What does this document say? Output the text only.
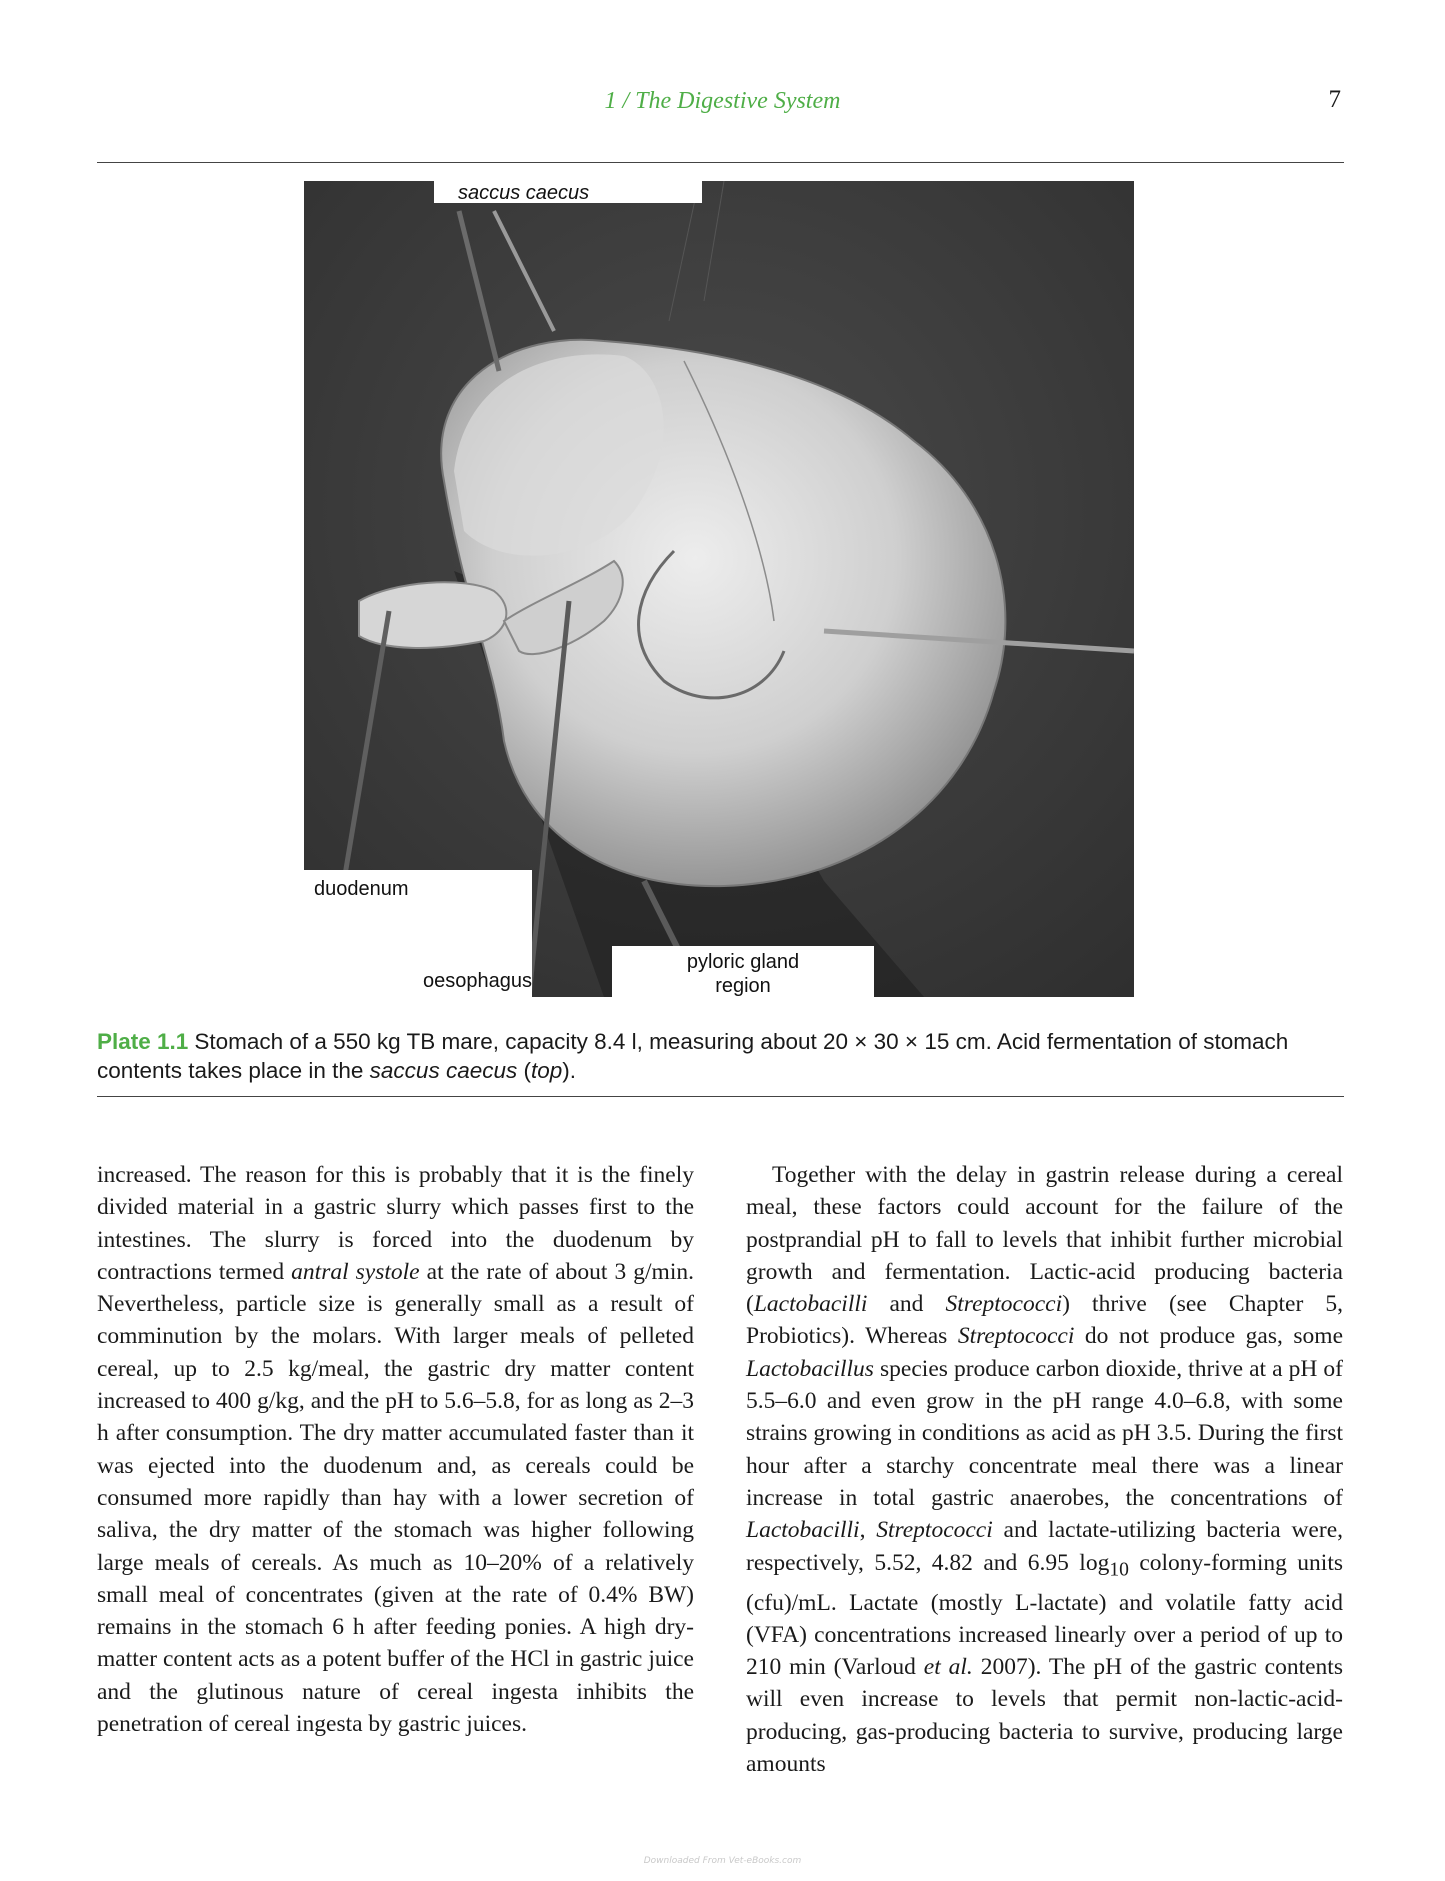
1 / The Digestive System	7
saccus caecus
duodenum
oesophagus
pyloric gland
region
Plate 1.1 Stomach of a 550 kg TB mare, capacity 8.4 l, measuring about 20 × 30 × 15 cm. Acid fermentation of stomach contents takes place in the saccus caecus (top).

increased. The reason for this is probably that it is the finely divided material in a gastric slurry which passes first to the intestines. The slurry is forced into the duodenum by contractions termed antral systole at the rate of about 3 g/min. Nevertheless, particle size is generally small as a result of comminution by the molars. With larger meals of pelleted cereal, up to 2.5 kg/meal, the gastric dry matter content increased to 400 g/kg, and the pH to 5.6–5.8, for as long as 2–3 h after consumption. The dry matter accumulated faster than it was ejected into the duodenum and, as cereals could be consumed more rapidly than hay with a lower secretion of saliva, the dry matter of the stomach was higher following large meals of cereals. As much as 10–20% of a relatively small meal of concentrates (given at the rate of 0.4% BW) remains in the stomach 6 h after feeding ponies. A high dry-matter content acts as a potent buffer of the HCl in gastric juice and the glutinous nature of cereal ingesta inhibits the penetration of cereal ingesta by gastric juices.

Together with the delay in gastrin release during a cereal meal, these factors could account for the failure of the postprandial pH to fall to levels that inhibit further microbial growth and fermentation. Lactic-acid producing bacteria (Lactobacilli and Streptococci) thrive (see Chapter 5, Probiotics). Whereas Streptococci do not produce gas, some Lactobacillus species produce carbon dioxide, thrive at a pH of 5.5–6.0 and even grow in the pH range 4.0–6.8, with some strains growing in conditions as acid as pH 3.5. During the first hour after a starchy concentrate meal there was a linear increase in total gastric anaerobes, the concentrations of Lactobacilli, Streptococci and lactate-utilizing bacteria were, respectively, 5.52, 4.82 and 6.95 $\log_{10}$ colony-forming units (cfu)/mL. Lactate (mostly L-lactate) and volatile fatty acid (VFA) concentrations increased linearly over a period of up to 210 min (Varloud et al. 2007). The pH of the gastric contents will even increase to levels that permit non-lactic-acid-producing, gas-producing bacteria to survive, producing large amounts

Downloaded From Vet-eBooks.com
